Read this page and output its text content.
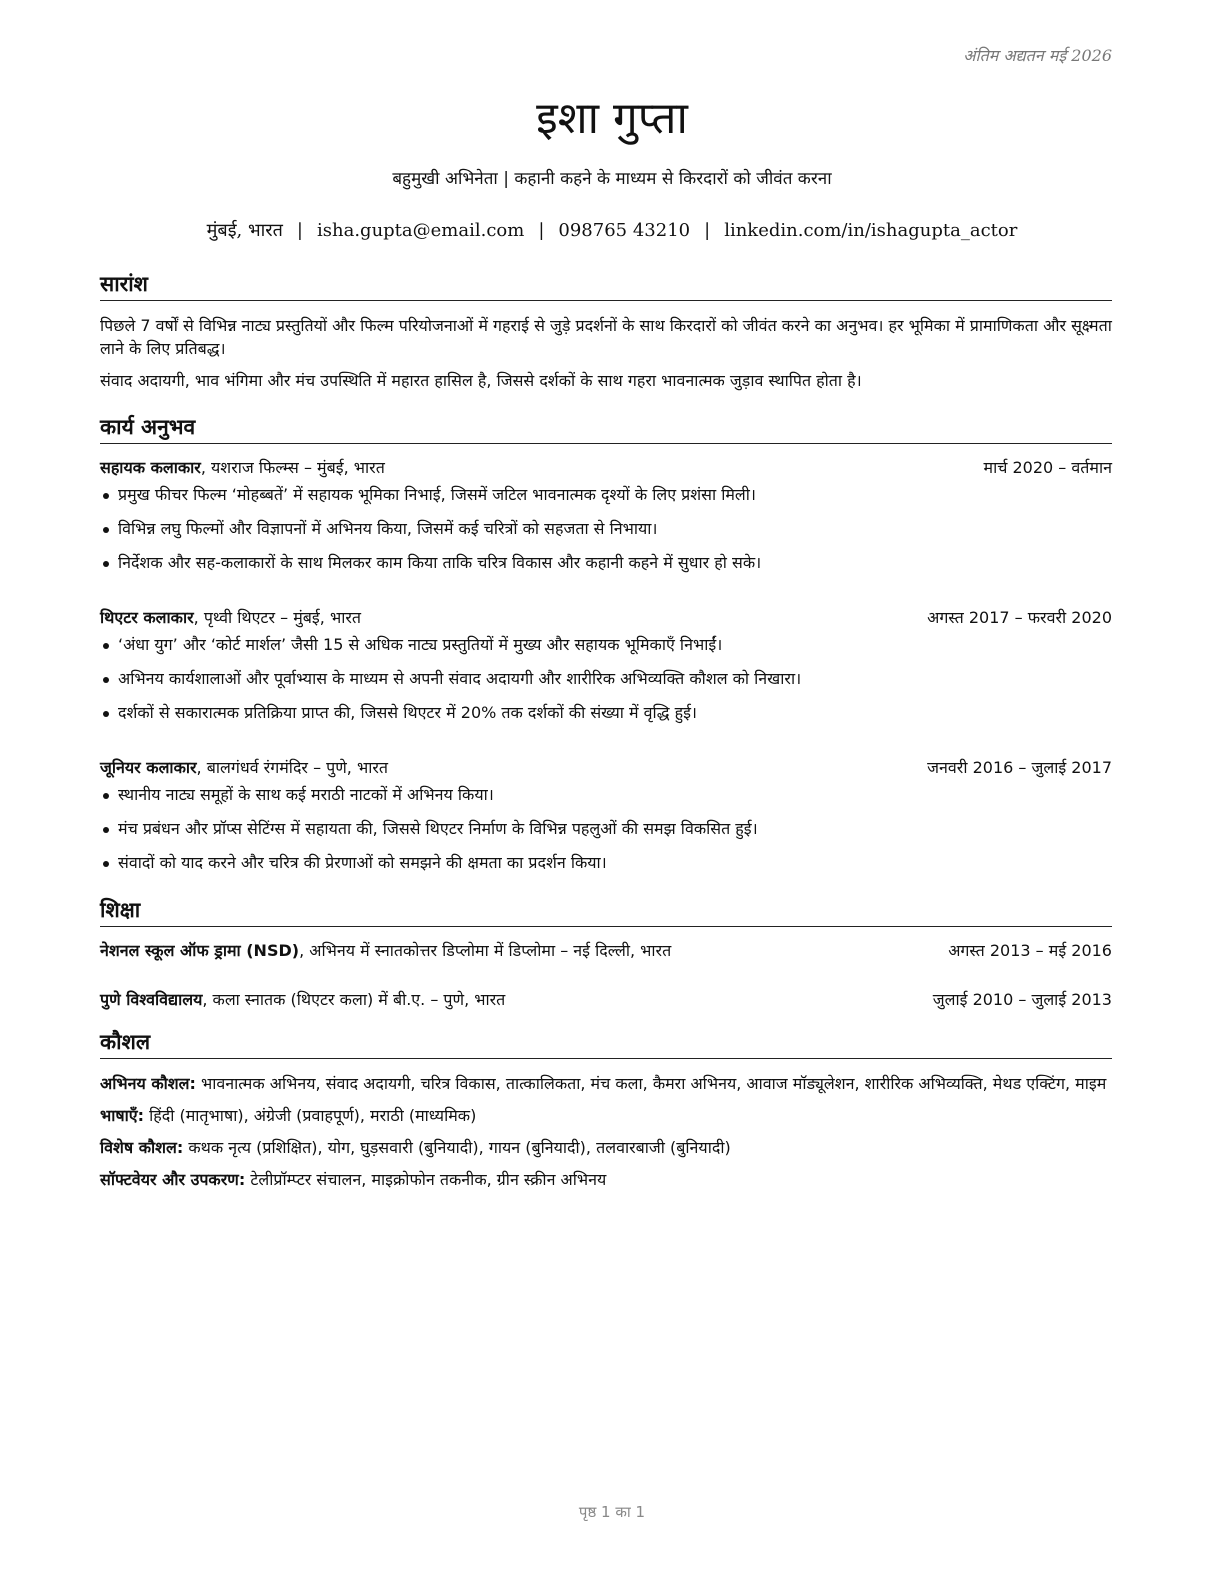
अंतिम अद्यतन मई 2026
इशा गुप्ता

बहुमुखी अभिनेता | कहानी कहने के माध्यम से किरदारों को जीवंत करना

मुंबई, भारत | isha.gupta@email.com | 098765 43210 | linkedin.com/in/ishagupta_actor

सारांश

पिछले 7 वर्षों से विभिन्न नाट्य प्रस्तुतियों और फिल्म परियोजनाओं में गहराई से जुड़े प्रदर्शनों के साथ किरदारों को जीवंत करने का अनुभव। हर भूमिका में प्रामाणिकता और सूक्ष्मता लाने के लिए प्रतिबद्ध।

संवाद अदायगी, भाव भंगिमा और मंच उपस्थिति में महारत हासिल है, जिससे दर्शकों के साथ गहरा भावनात्मक जुड़ाव स्थापित होता है।

कार्य अनुभव
सहायक कलाकार, यशराज फिल्म्स – मुंबई, भारत	मार्च 2020 – वर्तमान
प्रमुख फीचर फिल्म ‘मोहब्बतें’ में सहायक भूमिका निभाई, जिसमें जटिल भावनात्मक दृश्यों के लिए प्रशंसा मिली।
विभिन्न लघु फिल्मों और विज्ञापनों में अभिनय किया, जिसमें कई चरित्रों को सहजता से निभाया।
निर्देशक और सह-कलाकारों के साथ मिलकर काम किया ताकि चरित्र विकास और कहानी कहने में सुधार हो सके।
थिएटर कलाकार, पृथ्वी थिएटर – मुंबई, भारत	अगस्त 2017 – फरवरी 2020
‘अंधा युग’ और ‘कोर्ट मार्शल’ जैसी 15 से अधिक नाट्य प्रस्तुतियों में मुख्य और सहायक भूमिकाएँ निभाईं।
अभिनय कार्यशालाओं और पूर्वाभ्यास के माध्यम से अपनी संवाद अदायगी और शारीरिक अभिव्यक्ति कौशल को निखारा।
दर्शकों से सकारात्मक प्रतिक्रिया प्राप्त की, जिससे थिएटर में 20% तक दर्शकों की संख्या में वृद्धि हुई।
जूनियर कलाकार, बालगंधर्व रंगमंदिर – पुणे, भारत	जनवरी 2016 – जुलाई 2017
स्थानीय नाट्य समूहों के साथ कई मराठी नाटकों में अभिनय किया।
मंच प्रबंधन और प्रॉप्स सेटिंग्स में सहायता की, जिससे थिएटर निर्माण के विभिन्न पहलुओं की समझ विकसित हुई।
संवादों को याद करने और चरित्र की प्रेरणाओं को समझने की क्षमता का प्रदर्शन किया।
शिक्षा
नेशनल स्कूल ऑफ ड्रामा (NSD), अभिनय में स्नातकोत्तर डिप्लोमा में डिप्लोमा – नई दिल्ली, भारत	अगस्त 2013 – मई 2016
पुणे विश्वविद्यालय, कला स्नातक (थिएटर कला) में बी.ए. – पुणे, भारत	जुलाई 2010 – जुलाई 2013
कौशल

अभिनय कौशल: भावनात्मक अभिनय, संवाद अदायगी, चरित्र विकास, तात्कालिकता, मंच कला, कैमरा अभिनय, आवाज मॉड्यूलेशन, शारीरिक अभिव्यक्ति, मेथड एक्टिंग, माइम

भाषाएँ: हिंदी (मातृभाषा), अंग्रेजी (प्रवाहपूर्ण), मराठी (माध्यमिक)

विशेष कौशल: कथक नृत्य (प्रशिक्षित), योग, घुड़सवारी (बुनियादी), गायन (बुनियादी), तलवारबाजी (बुनियादी)

सॉफ्टवेयर और उपकरण: टेलीप्रॉम्प्टर संचालन, माइक्रोफोन तकनीक, ग्रीन स्क्रीन अभिनय

पृष्ठ 1 का 1
